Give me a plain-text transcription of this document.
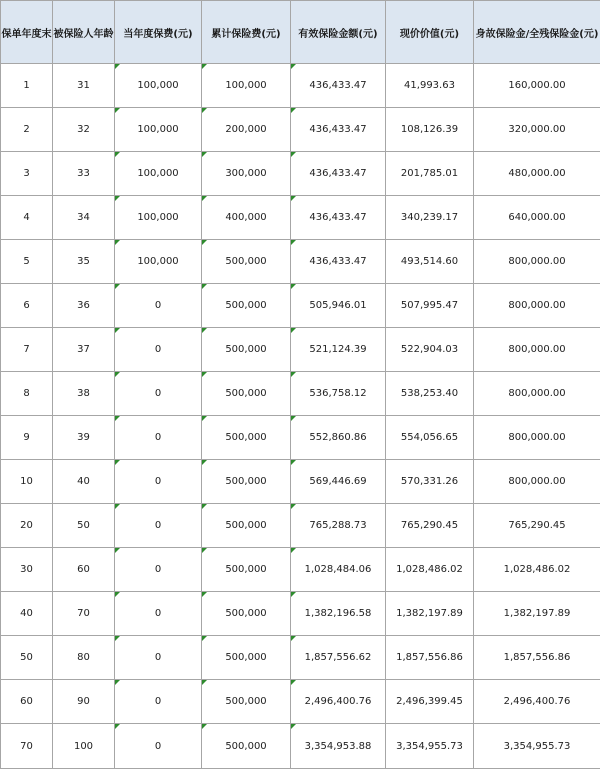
保单年度末	被保险人年龄	当年度保费(元)	累计保险费(元)	有效保险金额(元)	现价价值(元)	身故保险金/全残保险金(元)
1	31	100,000	100,000	436,433.47	41,993.63	160,000.00
2	32	100,000	200,000	436,433.47	108,126.39	320,000.00
3	33	100,000	300,000	436,433.47	201,785.01	480,000.00
4	34	100,000	400,000	436,433.47	340,239.17	640,000.00
5	35	100,000	500,000	436,433.47	493,514.60	800,000.00
6	36	0	500,000	505,946.01	507,995.47	800,000.00
7	37	0	500,000	521,124.39	522,904.03	800,000.00
8	38	0	500,000	536,758.12	538,253.40	800,000.00
9	39	0	500,000	552,860.86	554,056.65	800,000.00
10	40	0	500,000	569,446.69	570,331.26	800,000.00
20	50	0	500,000	765,288.73	765,290.45	765,290.45
30	60	0	500,000	1,028,484.06	1,028,486.02	1,028,486.02
40	70	0	500,000	1,382,196.58	1,382,197.89	1,382,197.89
50	80	0	500,000	1,857,556.62	1,857,556.86	1,857,556.86
60	90	0	500,000	2,496,400.76	2,496,399.45	2,496,400.76
70	100	0	500,000	3,354,953.88	3,354,955.73	3,354,955.73
